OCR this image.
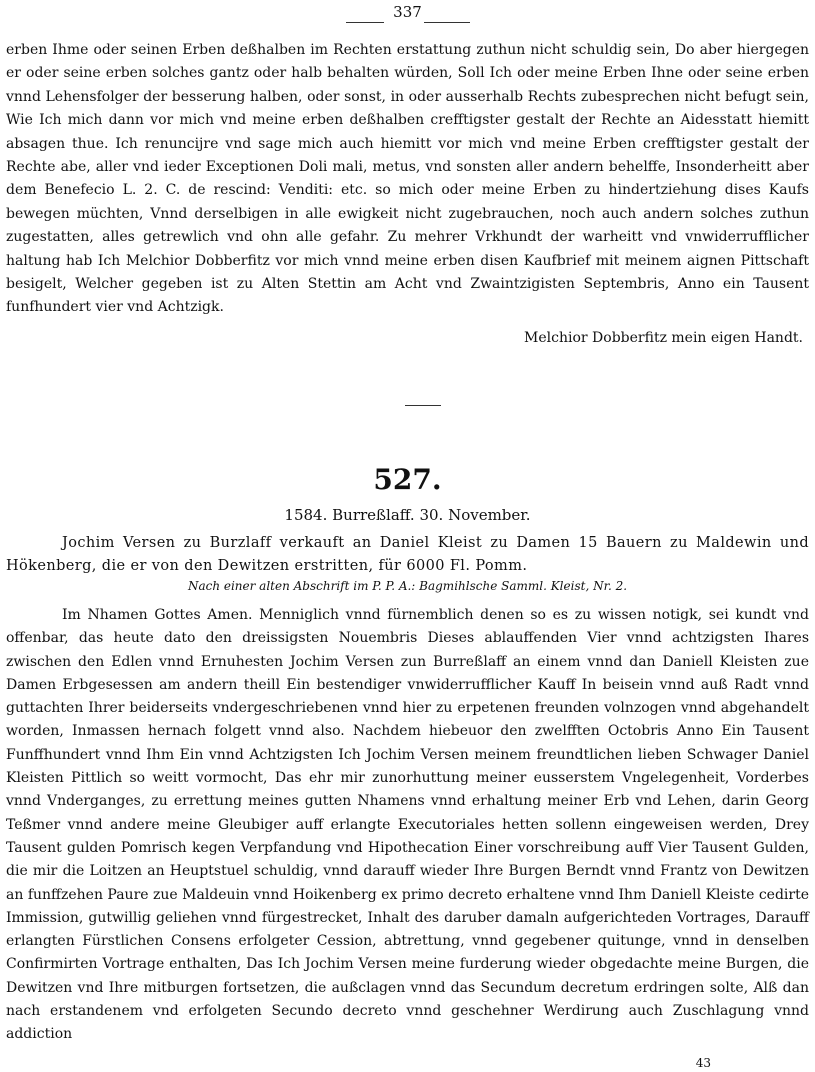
337

erben Ihme oder seinen Erben deßhalben im Rechten erstattung zuthun nicht schuldig sein, Do aber hiergegen er oder seine erben solches gantz oder halb behalten würden, Soll Ich oder meine Erben Ihne oder seine erben vnnd Lehensfolger der besserung halben, oder sonst, in oder ausserhalb Rechts zubesprechen nicht befugt sein, Wie Ich mich dann vor mich vnd meine erben deßhalben crefftigster gestalt der Rechte an Aidesstatt hiemitt absagen thue. Ich renuncijre vnd sage mich auch hiemitt vor mich vnd meine Erben crefftigster gestalt der Rechte abe, aller vnd ieder Exceptionen Doli mali, metus, vnd sonsten aller andern behelffe, Insonderheitt aber dem Benefecio L. 2. C. de rescind: Venditi: etc. so mich oder meine Erben zu hindertziehung dises Kaufs bewegen müchten, Vnnd derselbigen in alle ewigkeit nicht zugebrauchen, noch auch andern solches zuthun zugestatten, alles getrewlich vnd ohn alle gefahr. Zu mehrer Vrkhundt der warheitt vnd vnwiderrufflicher haltung hab Ich Melchior Dobberfitz vor mich vnnd meine erben disen Kaufbrief mit meinem aignen Pittschaft besigelt, Welcher gegeben ist zu Alten Stettin am Acht vnd Zwaintzigisten Septembris, Anno ein Tausent funfhundert vier vnd Achtzigk.

Melchior Dobberfitz mein eigen Handt.
527.
1584. Burreßlaff. 30. November.

Jochim Versen zu Burzlaff verkauft an Daniel Kleist zu Damen 15 Bauern zu Maldewin und Hökenberg, die er von den Dewitzen erstritten, für 6000 Fl. Pomm.

Nach einer alten Abschrift im P. P. A.: Bagmihlsche Samml. Kleist, Nr. 2.

Im Nhamen Gottes Amen. Menniglich vnnd fürnemblich denen so es zu wissen notigk, sei kundt vnd offenbar, das heute dato den dreissigsten Nouembris Dieses ablauffenden Vier vnnd achtzigsten Ihares zwischen den Edlen vnnd Ernuhesten Jochim Versen zun Burreßlaff an einem vnnd dan Daniell Kleisten zue Damen Erbgesessen am andern theill Ein bestendiger vnwiderrufflicher Kauff In beisein vnnd auß Radt vnnd guttachten Ihrer beiderseits vndergeschriebenen vnnd hier zu erpetenen freunden volnzogen vnnd abgehandelt worden, Inmassen hernach folgett vnnd also. Nachdem hiebeuor den zwelfften Octobris Anno Ein Tausent Funffhundert vnnd Ihm Ein vnnd Achtzigsten Ich Jochim Versen meinem freundtlichen lieben Schwager Daniel Kleisten Pittlich so weitt vormocht, Das ehr mir zunorhuttung meiner eusserstem Vngelegenheit, Vorderbes vnnd Vnderganges, zu errettung meines gutten Nhamens vnnd erhaltung meiner Erb vnd Lehen, darin Georg Teßmer vnnd andere meine Gleubiger auff erlangte Executoriales hetten sollenn eingeweisen werden, Drey Tausent gulden Pomrisch kegen Verpfandung vnd Hipothecation Einer vorschreibung auff Vier Tausent Gulden, die mir die Loitzen an Heuptstuel schuldig, vnnd darauff wieder Ihre Burgen Berndt vnnd Frantz von Dewitzen an funffzehen Paure zue Maldeuin vnnd Hoikenberg ex primo decreto erhaltene vnnd Ihm Daniell Kleiste cedirte Immission, gutwillig geliehen vnnd fürgestrecket, Inhalt des daruber damaln aufgerichteden Vortrages, Darauff erlangten Fürstlichen Consens erfolgeter Cession, abtrettung, vnnd gegebener quitunge, vnnd in denselben Confirmirten Vortrage enthalten, Das Ich Jochim Versen meine furderung wieder obgedachte meine Burgen, die Dewitzen vnd Ihre mitburgen fortsetzen, die außclagen vnnd das Secundum decretum erdringen solte, Alß dan nach erstandenem vnd erfolgeten Secundo decreto vnnd geschehner Werdirung auch Zuschlagung vnnd addiction

43
